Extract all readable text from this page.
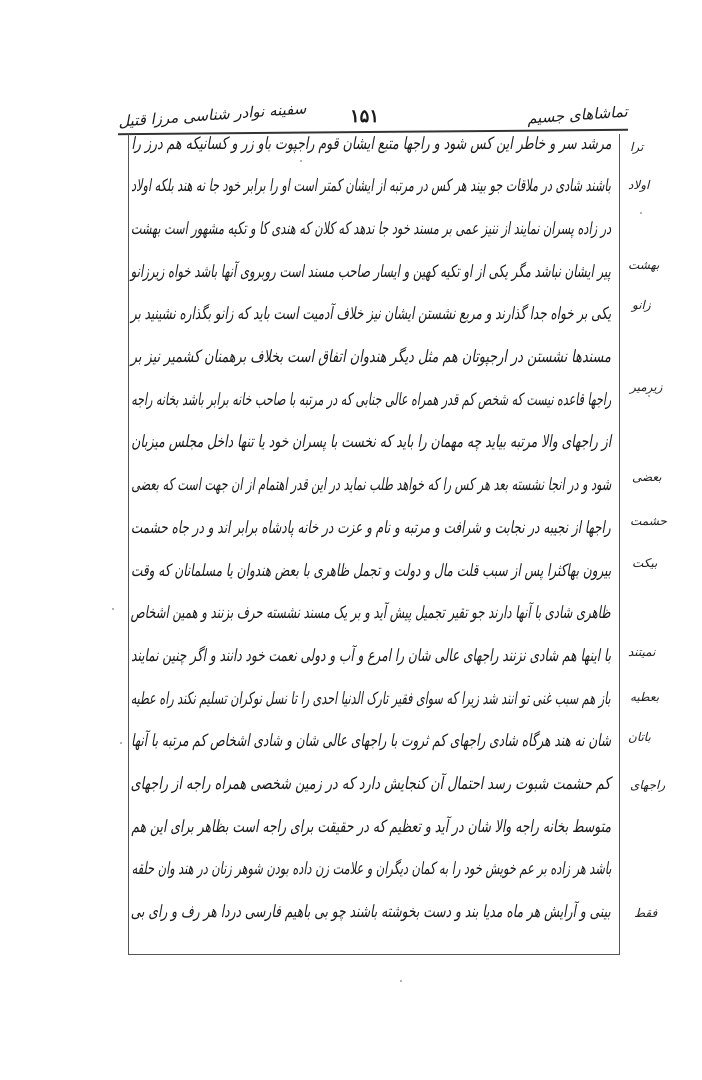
سفینه نوادر شناسی مرزا قتیل ۱۵۱	تماشاهای جسیم
مرشد سر و خاطر این کس شود و راجها متبع ایشان قوم راجپوت باو زر و کسانیکه هم درز را
باشند شادی در ملاقات جو بیند هر کس در مرتبه از ایشان کمتر است او را برابر خود جا نه هند بلکه اولاد
در زاده پسران نمایند از ننیز عمی بر مسند خود جا ندهد که کلان که هندی کا و تکیه مشهور است بهشت
پیر ایشان نباشد مگر یکی از او تکیه کهین و ایسار صاحب مسند است روبروی آنها باشد خواه زیرزانو
یکی بر خواه جدا گذارند و مربع نشستن ایشان نیز خلاف آدمیت است باید که زانو بگذاره نشینید بر
مسندها نشستن در ارجپوتان هم مثل دیگر هندوان اتفاق است بخلاف برهمنان کشمیر نیز بر
راجها قاعده نیست که شخص کم قدر همراه عالی جنابی که در مرتبه با صاحب خانه برابر باشد بخانه راجه
از راجهای والا مرتبه بیاید چه مهمان را باید که نخست با پسران خود یا تنها داخل مجلس میزبان
شود و در انجا نشسته بعد هر کس را که خواهد طلب نماید در این قدر اهتمام از ان جهت است که بعضی
راجها از نجیبه در نجابت و شرافت و مرتبه و نام و عزت در خانه پادشاه برابر اند و در جاه حشمت
بیرون بهاکثرا پس از سبب قلت مال و دولت و تجمل ظاهری با بعض هندوان یا مسلمانان که وقت
ظاهری شادی با آنها دارند جو تقیر تجمیل پیش آید و بر یک مسند نشسته حرف بزنند و همین اشخاص
با اینها هم شادی نزنند راجهای عالی شان را امرع و آب و دولی نعمت خود دانند و اگر چنین نمایند
باز هم سبب غنی تو انند شد زیرا که سوای فقیر تارک الدنیا احدی را تا نسل نوکران تسلیم نکند راه عطیه
شان نه هند هرگاه شادی راجهای کم ثروت با راجهای عالی شان و شادی اشخاص کم مرتبه با آنها
کم حشمت شبوت رسد احتمال آن کنجایش دارد که در زمین شخصی همراه راجه از راجهای
متوسط بخانه راجه والا شان در آید و تعظیم که در حقیقت برای راجه است بظاهر برای این هم
باشد هر زاده بر عم خویش خود را به کمان دیگران و علامت زن داده بودن شوهر زنان در هند وان حلقه
بینی و آرایش هر ماه مدیا بند و دست بخوشته باشند چو بی باهیم فارسی دردا هر رف و رای بی
ترا
اولاد
بهشت
زانو
زیرمیر
بعضی
حشمت
بیکت
نمیتند
بعطیه
باتان
راجهای
فقط
